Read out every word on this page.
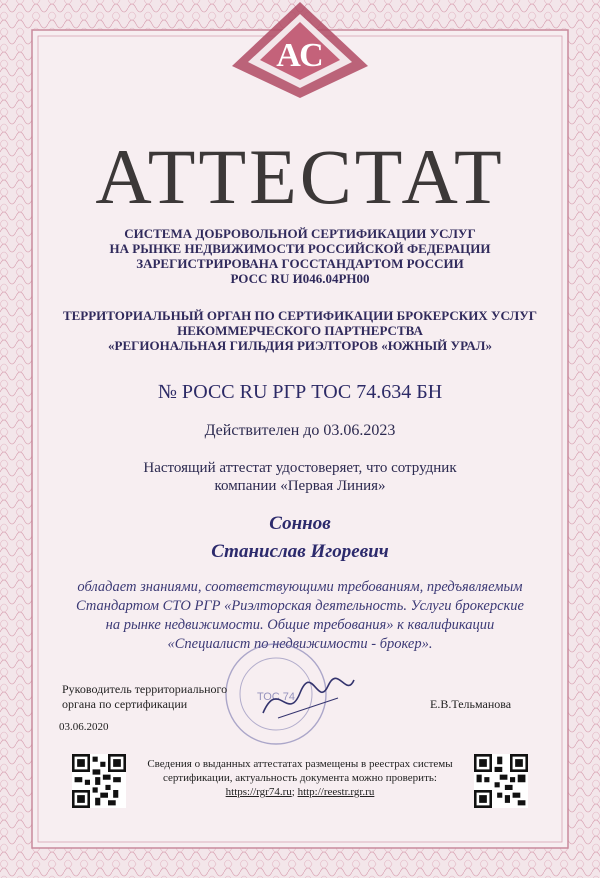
АС
АТТЕСТАТ
СИСТЕМА ДОБРОВОЛЬНОЙ СЕРТИФИКАЦИИ УСЛУГ
НА РЫНКЕ НЕДВИЖИМОСТИ РОССИЙСКОЙ ФЕДЕРАЦИИ
ЗАРЕГИСТРИРОВАНА ГОССТАНДАРТОМ РОССИИ
РОСС RU И046.04РН00
ТЕРРИТОРИАЛЬНЫЙ ОРГАН ПО СЕРТИФИКАЦИИ БРОКЕРСКИХ УСЛУГ
НЕКОММЕРЧЕСКОГО ПАРТНЕРСТВА
«РЕГИОНАЛЬНАЯ ГИЛЬДИЯ РИЭЛТОРОВ «ЮЖНЫЙ УРАЛ»
№ РОСС RU РГР ТОС 74.634 БН
Действителен до 03.06.2023
Настоящий аттестат удостоверяет, что сотрудник
компании «Первая Линия»
Соннов
Станислав Игоревич
обладает знаниями, соответствующими требованиям, предъявляемым
Стандартом СТО РГР «Риэлторская деятельность. Услуги брокерские
на рынке недвижимости. Общие требования» к квалификации
«Специалист по недвижимости - брокер».
ТОС 74
Руководитель территориального
органа по сертификации	Е.В.Тельманова
03.06.2020
Сведения о выданных аттестатах размещены в реестрах системы
сертификации, актуальность документа можно проверить:
https://rgr74.ru; http://reestr.rgr.ru
